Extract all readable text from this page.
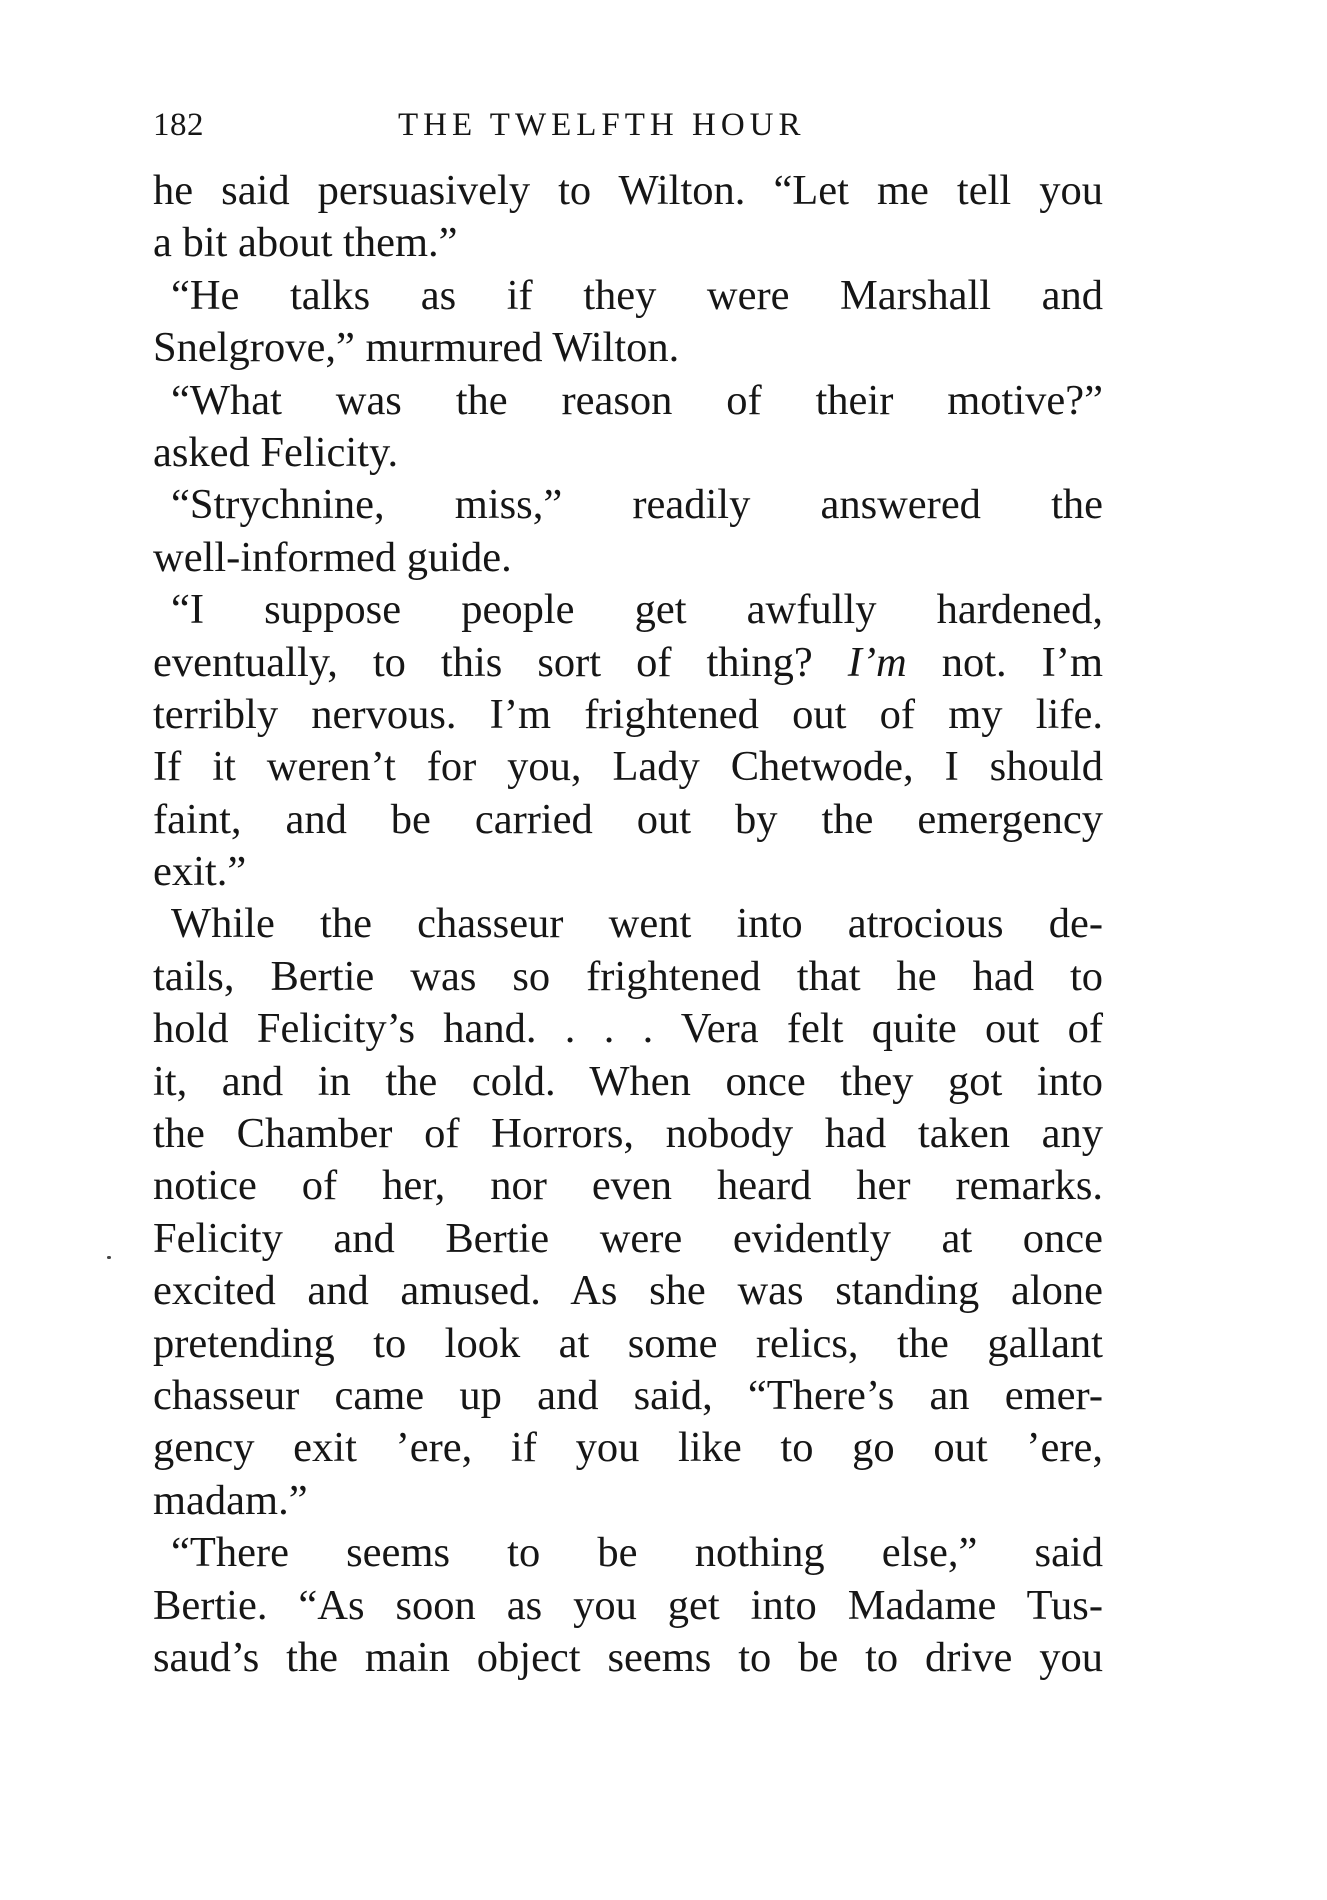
182	THE TWELFTH HOUR
he said persuasively to Wilton. “Let me tell you
a bit about them.”
“He talks as if they were Marshall and
Snelgrove,” murmured Wilton.
“What was the reason of their motive?”
asked Felicity.
“Strychnine, miss,” readily answered the
well-informed guide.
“I suppose people get awfully hardened,
eventually, to this sort of thing? I’m not. I’m
terribly nervous. I’m frightened out of my life.
If it weren’t for you, Lady Chetwode, I should
faint, and be carried out by the emergency
exit.”
While the chasseur went into atrocious de-
tails, Bertie was so frightened that he had to
hold Felicity’s hand. . . . Vera felt quite out of
it, and in the cold. When once they got into
the Chamber of Horrors, nobody had taken any
notice of her, nor even heard her remarks.
Felicity and Bertie were evidently at once
excited and amused. As she was standing alone
pretending to look at some relics, the gallant
chasseur came up and said, “There’s an emer-
gency exit ’ere, if you like to go out ’ere,
madam.”
“There seems to be nothing else,” said
Bertie. “As soon as you get into Madame Tus-
saud’s the main object seems to be to drive you
